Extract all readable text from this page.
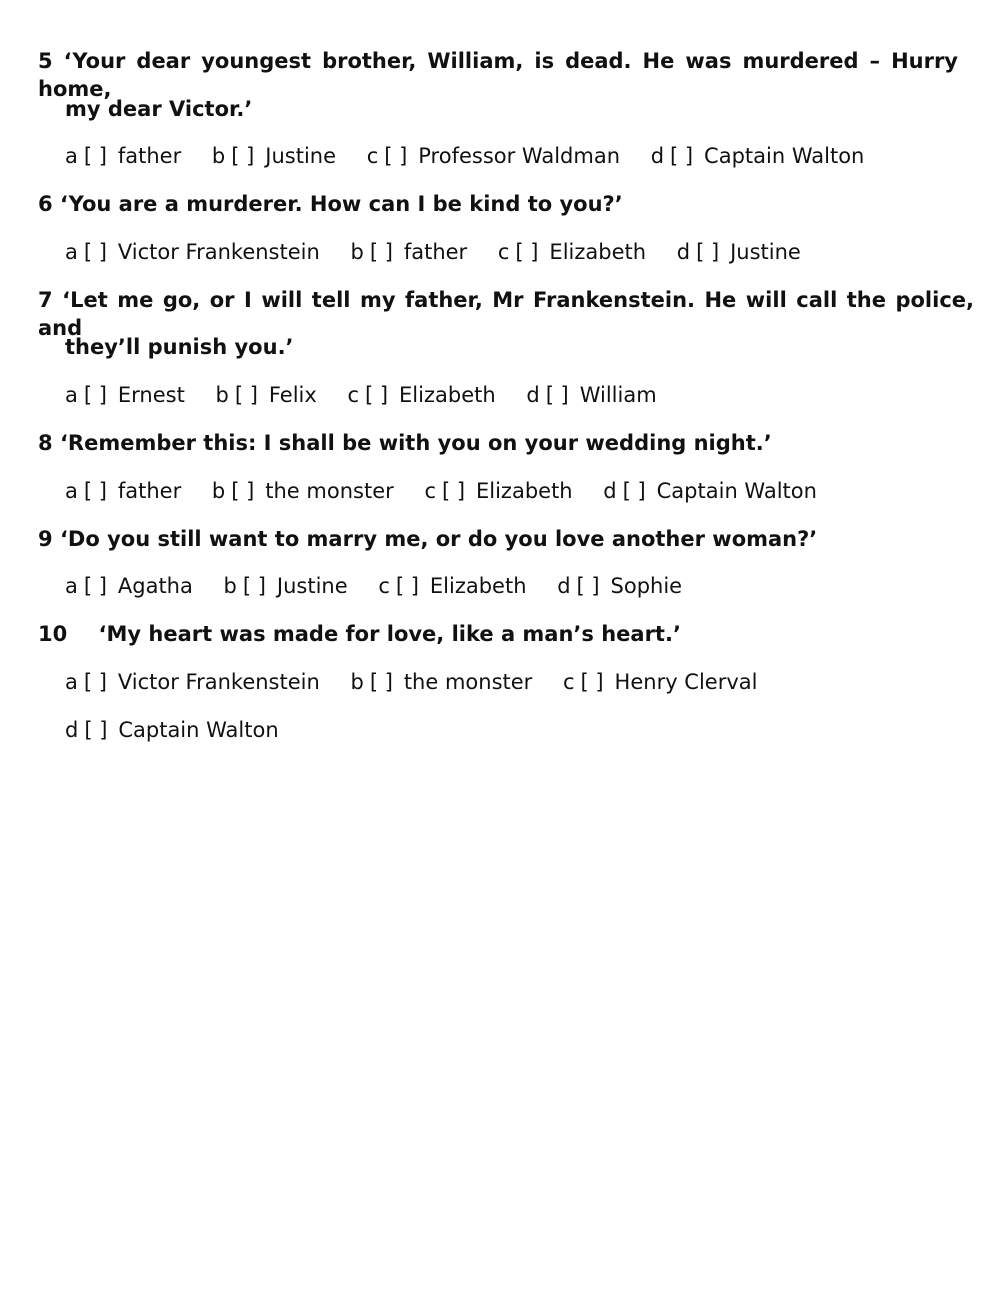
5 ‘Your dear youngest brother, William, is dead. He was murdered – Hurry home,
my dear Victor.’
a [ ] father b [ ] Justine c [ ] Professor Waldman d [ ] Captain Walton
6 ‘You are a murderer. How can I be kind to you?’
a [ ] Victor Frankenstein b [ ] father c [ ] Elizabeth d [ ] Justine
7 ‘Let me go, or I will tell my father, Mr Frankenstein. He will call the police, and
they’ll punish you.’
a [ ] Ernest b [ ] Felix c [ ] Elizabeth d [ ] William
8 ‘Remember this: I shall be with you on your wedding night.’
a [ ] father b [ ] the monster c [ ] Elizabeth d [ ] Captain Walton
9 ‘Do you still want to marry me, or do you love another woman?’
a [ ] Agatha b [ ] Justine c [ ] Elizabeth d [ ] Sophie
10 ‘My heart was made for love, like a man’s heart.’
a [ ] Victor Frankenstein b [ ] the monster c [ ] Henry Clerval
d [ ] Captain Walton
